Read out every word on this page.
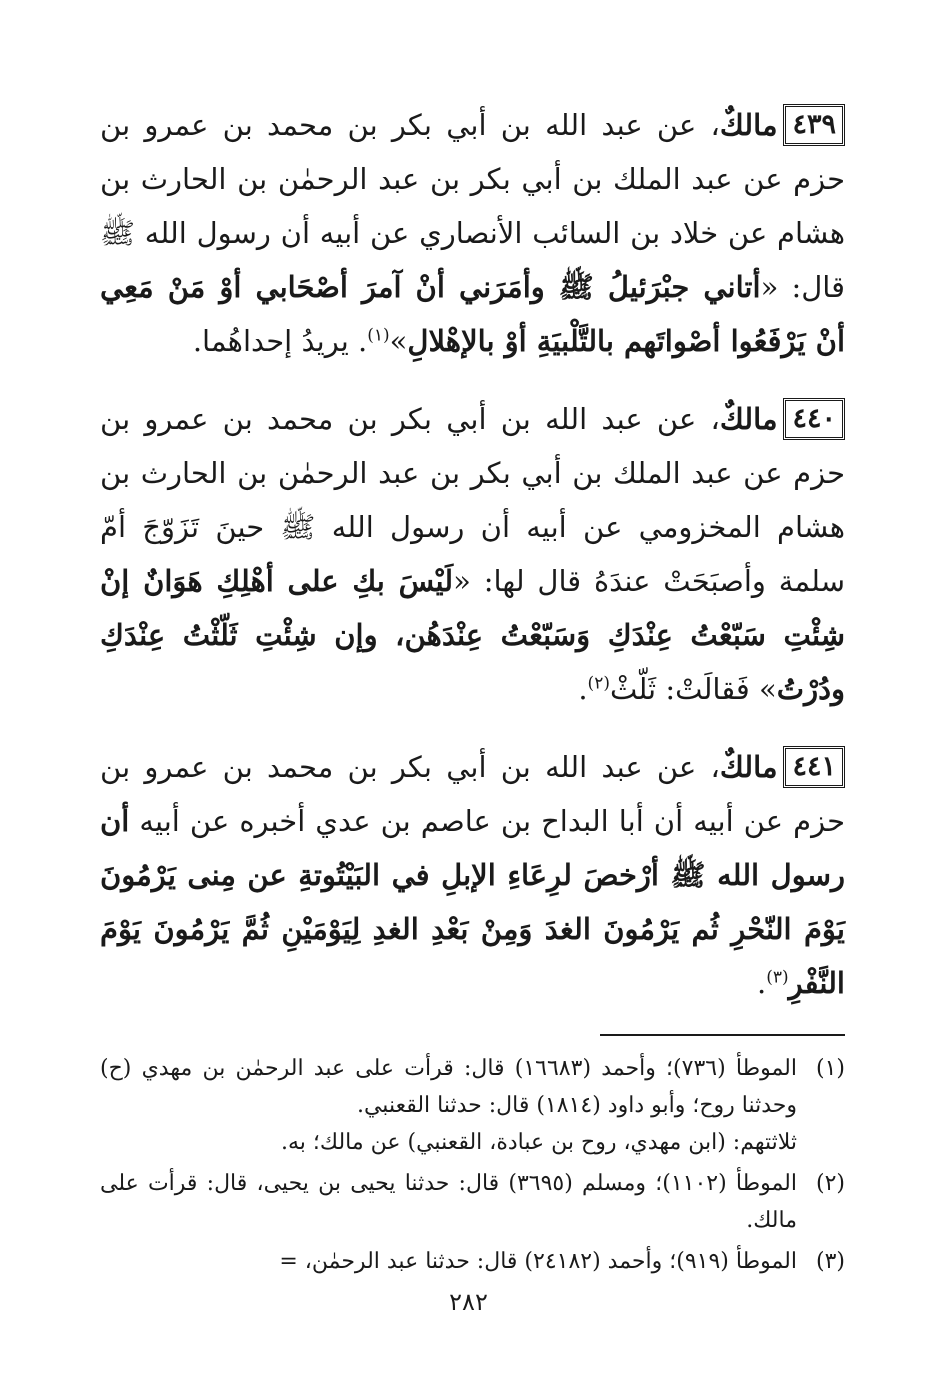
٤٣٩مالكٌ، عن عبد الله بن أبي بكر بن محمد بن عمرو بن حزم عن عبد الملك بن أبي بكر بن عبد الرحمٰن بن الحارث بن هشام عن خلاد بن السائب الأنصاري عن أبيه أن رسول الله ﷺ قال: «أتاني جبْرَئيلُ ﷺ وأمَرَني أنْ آمرَ أصْحَابي أوْ مَنْ مَعِي أنْ يَرْفَعُوا أصْواتَهم بالتَّلْبيَةِ أوْ بالإهْلالِ»$^{(١)}$. يريدُ إحداهُما.

٤٤٠مالكٌ، عن عبد الله بن أبي بكر بن محمد بن عمرو بن حزم عن عبد الملك بن أبي بكر بن عبد الرحمٰن بن الحارث بن هشام المخزومي عن أبيه أن رسول الله ﷺ حينَ تَزَوّجَ أمّ سلمة وأصبَحَتْ عندَهُ قال لها: «لَيْسَ بكِ على أهْلِكِ هَوَانٌ إنْ شِئْتِ سَبّعْتُ عِنْدَكِ وَسَبّعْتُ عِنْدَهُن، وإن شِئْتِ ثَلّثْتُ عِنْدَكِ ودُرْتُ» فَقالَتْ: ثَلّثْ$^{(٢)}$.

٤٤١مالكٌ، عن عبد الله بن أبي بكر بن محمد بن عمرو بن حزم عن أبيه أن أبا البداح بن عاصم بن عدي أخبره عن أبيه أن رسول الله ﷺ أرْخصَ لرِعَاءِ الإبلِ في البَيْتُوتةِ عن مِنى يَرْمُونَ يَوْمَ النّحْرِ ثُم يَرْمُونَ الغدَ وَمِنْ بَعْدِ الغدِ لِيَوْمَيْنِ ثُمَّ يَرْمُونَ يَوْمَ النَّفْرِ$^{(٣)}$.

(١)
الموطأ (٧٣٦)؛ وأحمد (١٦٦٨٣) قال: قرأت على عبد الرحمٰن بن مهدي (ح) وحدثنا روح؛ وأبو داود (١٨١٤) قال: حدثنا القعنبي.
ثلاثتهم: (ابن مهدي، روح بن عبادة، القعنبي) عن مالك؛ به.
(٢)
الموطأ (١١٠٢)؛ ومسلم (٣٦٩٥) قال: حدثنا يحيى بن يحيى، قال: قرأت على مالك.
(٣)
الموطأ (٩١٩)؛ وأحمد (٢٤١٨٢) قال: حدثنا عبد الرحمٰن، =
٢٨٢
